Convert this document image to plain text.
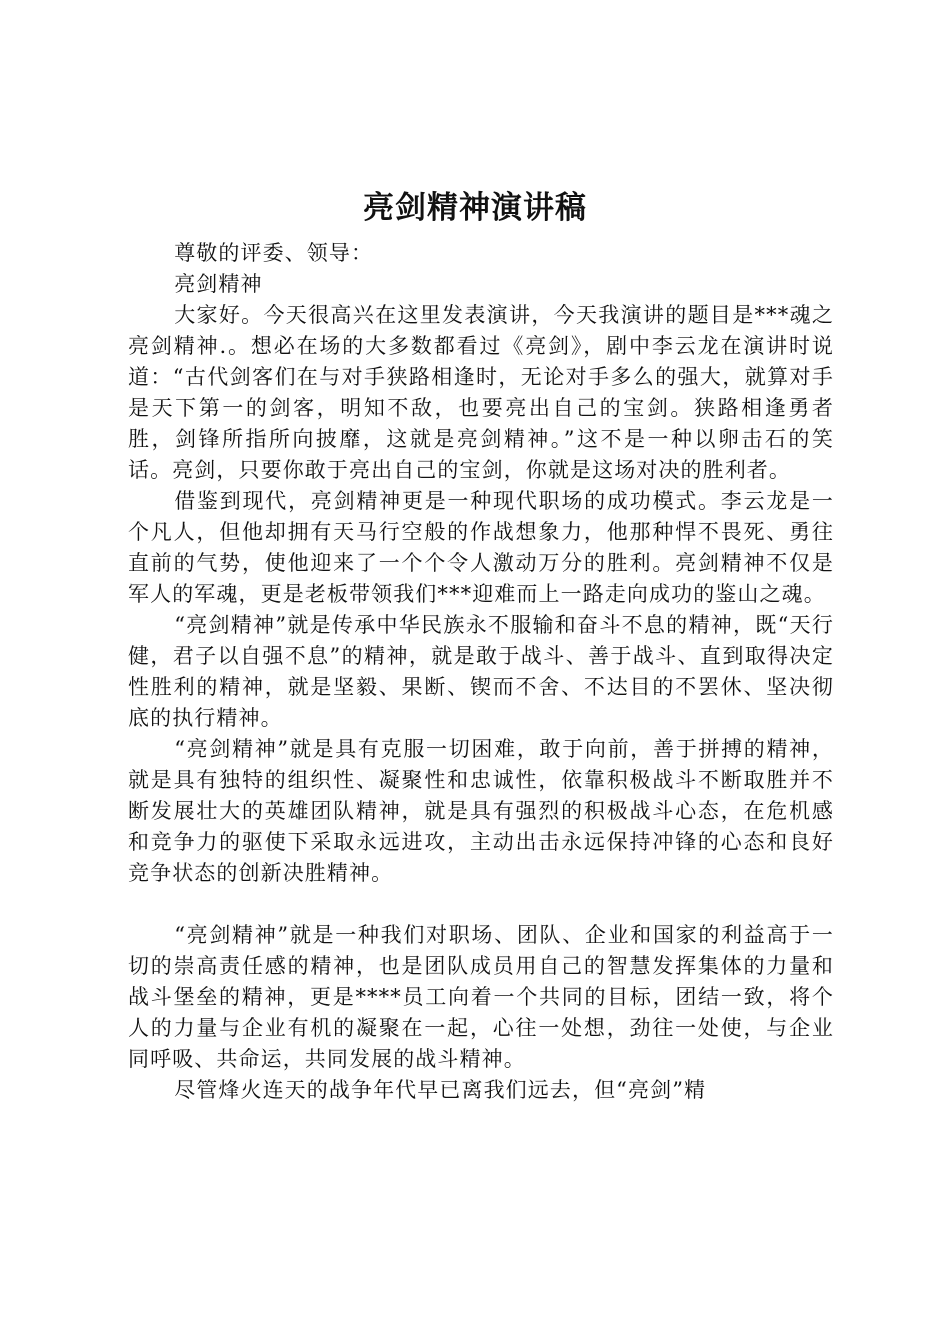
亮剑精神演讲稿

尊敬的评委、领导：

亮剑精神

大家好。今天很高兴在这里发表演讲，今天我演讲的题目是***魂之亮剑精神.。想必在场的大多数都看过《亮剑》，剧中李云龙在演讲时说道：“古代剑客们在与对手狭路相逢时，无论对手多么的强大，就算对手是天下第一的剑客，明知不敌，也要亮出自己的宝剑。狭路相逢勇者胜，剑锋所指所向披靡，这就是亮剑精神。”这不是一种以卵击石的笑话。亮剑，只要你敢于亮出自己的宝剑，你就是这场对决的胜利者。

借鉴到现代，亮剑精神更是一种现代职场的成功模式。李云龙是一个凡人，但他却拥有天马行空般的作战想象力，他那种悍不畏死、勇往直前的气势，使他迎来了一个个令人激动万分的胜利。亮剑精神不仅是军人的军魂，更是老板带领我们***迎难而上一路走向成功的鉴山之魂。

“亮剑精神”就是传承中华民族永不服输和奋斗不息的精神，既“天行健，君子以自强不息”的精神，就是敢于战斗、善于战斗、直到取得决定性胜利的精神，就是坚毅、果断、锲而不舍、不达目的不罢休、坚决彻底的执行精神。

“亮剑精神”就是具有克服一切困难，敢于向前，善于拼搏的精神，就是具有独特的组织性、凝聚性和忠诚性，依靠积极战斗不断取胜并不断发展壮大的英雄团队精神，就是具有强烈的积极战斗心态，在危机感和竞争力的驱使下采取永远进攻，主动出击永远保持冲锋的心态和良好竞争状态的创新决胜精神。

“亮剑精神”就是一种我们对职场、团队、企业和国家的利益高于一切的崇高责任感的精神，也是团队成员用自己的智慧发挥集体的力量和战斗堡垒的精神，更是****员工向着一个共同的目标，团结一致，将个人的力量与企业有机的凝聚在一起，心往一处想，劲往一处使，与企业同呼吸、共命运，共同发展的战斗精神。

尽管烽火连天的战争年代早已离我们远去，但“亮剑”精
